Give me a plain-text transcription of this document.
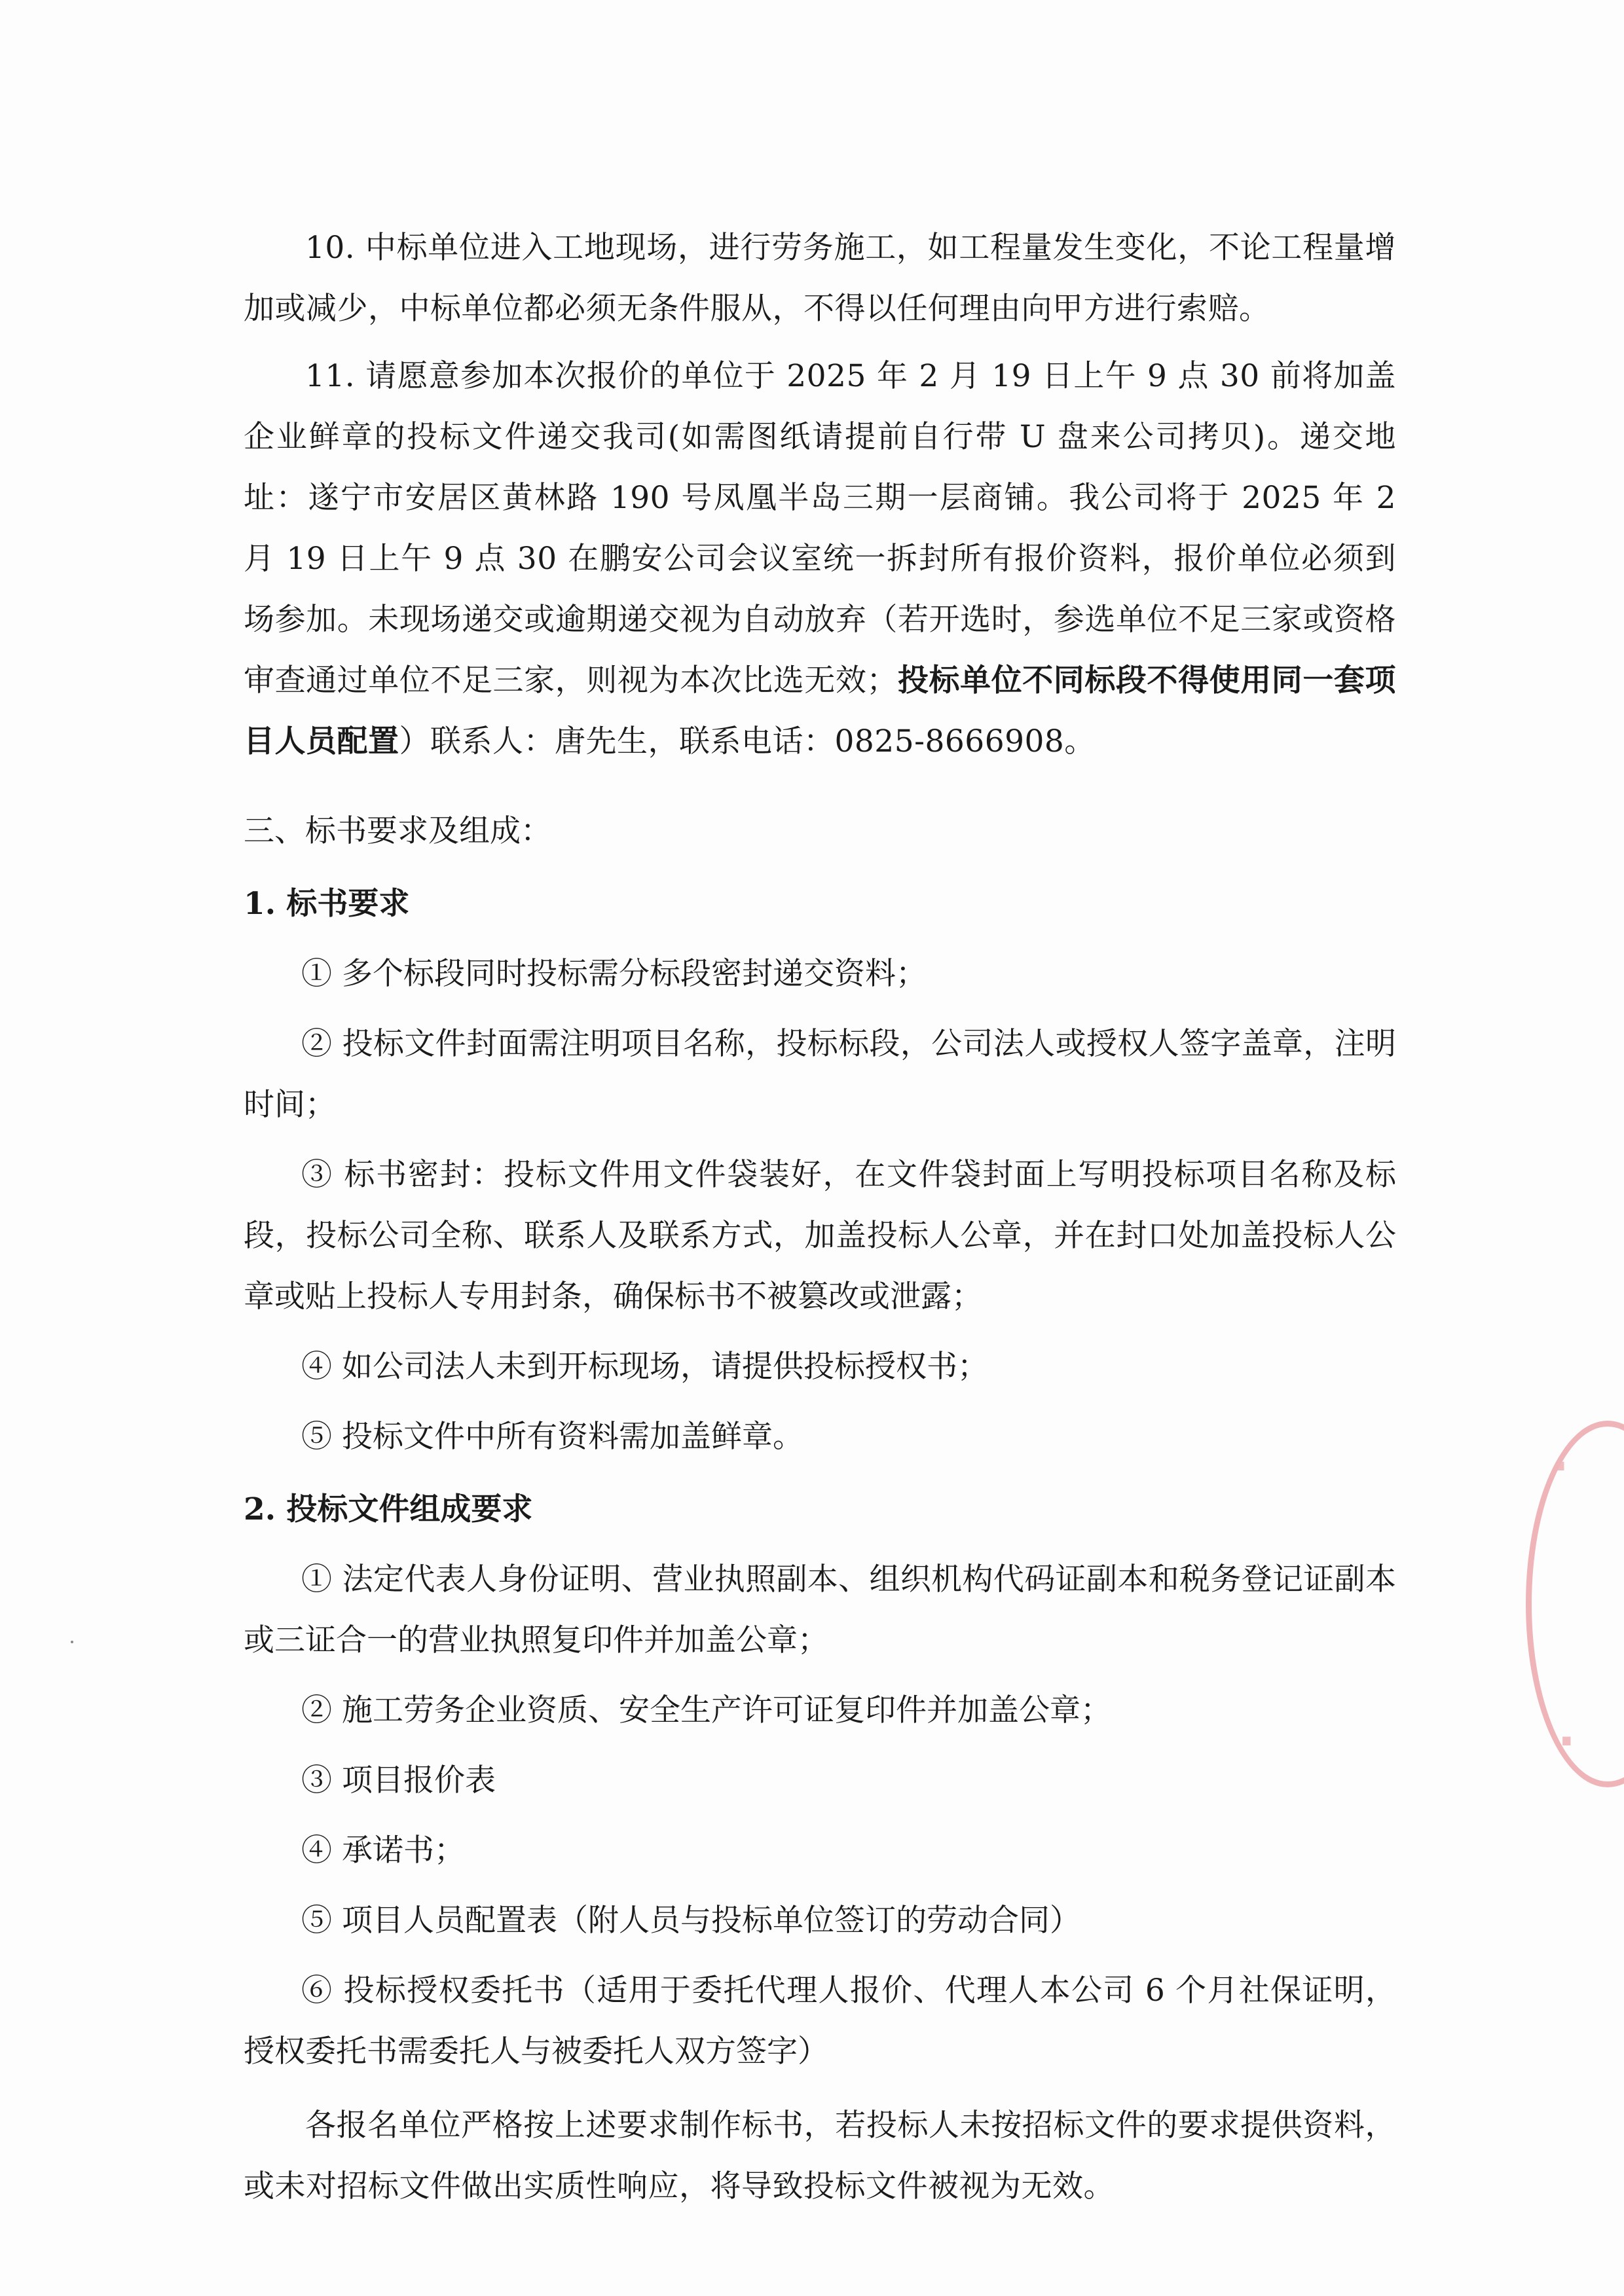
10. 中标单位进入工地现场，进行劳务施工，如工程量发生变化，不论工程量增加或减少，中标单位都必须无条件服从，不得以任何理由向甲方进行索赔。

11. 请愿意参加本次报价的单位于 2025 年 2 月 19 日上午 9 点 30 前将加盖企业鲜章的投标文件递交我司(如需图纸请提前自行带 U 盘来公司拷贝)。递交地址：遂宁市安居区黄林路 190 号凤凰半岛三期一层商铺。我公司将于 2025 年 2 月 19 日上午 9 点 30 在鹏安公司会议室统一拆封所有报价资料，报价单位必须到场参加。未现场递交或逾期递交视为自动放弃（若开选时，参选单位不足三家或资格审查通过单位不足三家，则视为本次比选无效；投标单位不同标段不得使用同一套项目人员配置）联系人：唐先生，联系电话：0825-8666908。

三、标书要求及组成：

1. 标书要求

① 多个标段同时投标需分标段密封递交资料；

② 投标文件封面需注明项目名称，投标标段，公司法人或授权人签字盖章，注明时间；

③ 标书密封：投标文件用文件袋装好，在文件袋封面上写明投标项目名称及标段，投标公司全称、联系人及联系方式，加盖投标人公章，并在封口处加盖投标人公章或贴上投标人专用封条，确保标书不被篡改或泄露；

④ 如公司法人未到开标现场，请提供投标授权书；

⑤ 投标文件中所有资料需加盖鲜章。

2. 投标文件组成要求

① 法定代表人身份证明、营业执照副本、组织机构代码证副本和税务登记证副本或三证合一的营业执照复印件并加盖公章；

② 施工劳务企业资质、安全生产许可证复印件并加盖公章；

③ 项目报价表

④ 承诺书；

⑤ 项目人员配置表（附人员与投标单位签订的劳动合同）

⑥ 投标授权委托书（适用于委托代理人报价、代理人本公司 6 个月社保证明，授权委托书需委托人与被委托人双方签字）

各报名单位严格按上述要求制作标书，若投标人未按招标文件的要求提供资料，或未对招标文件做出实质性响应，将导致投标文件被视为无效。

·
·
